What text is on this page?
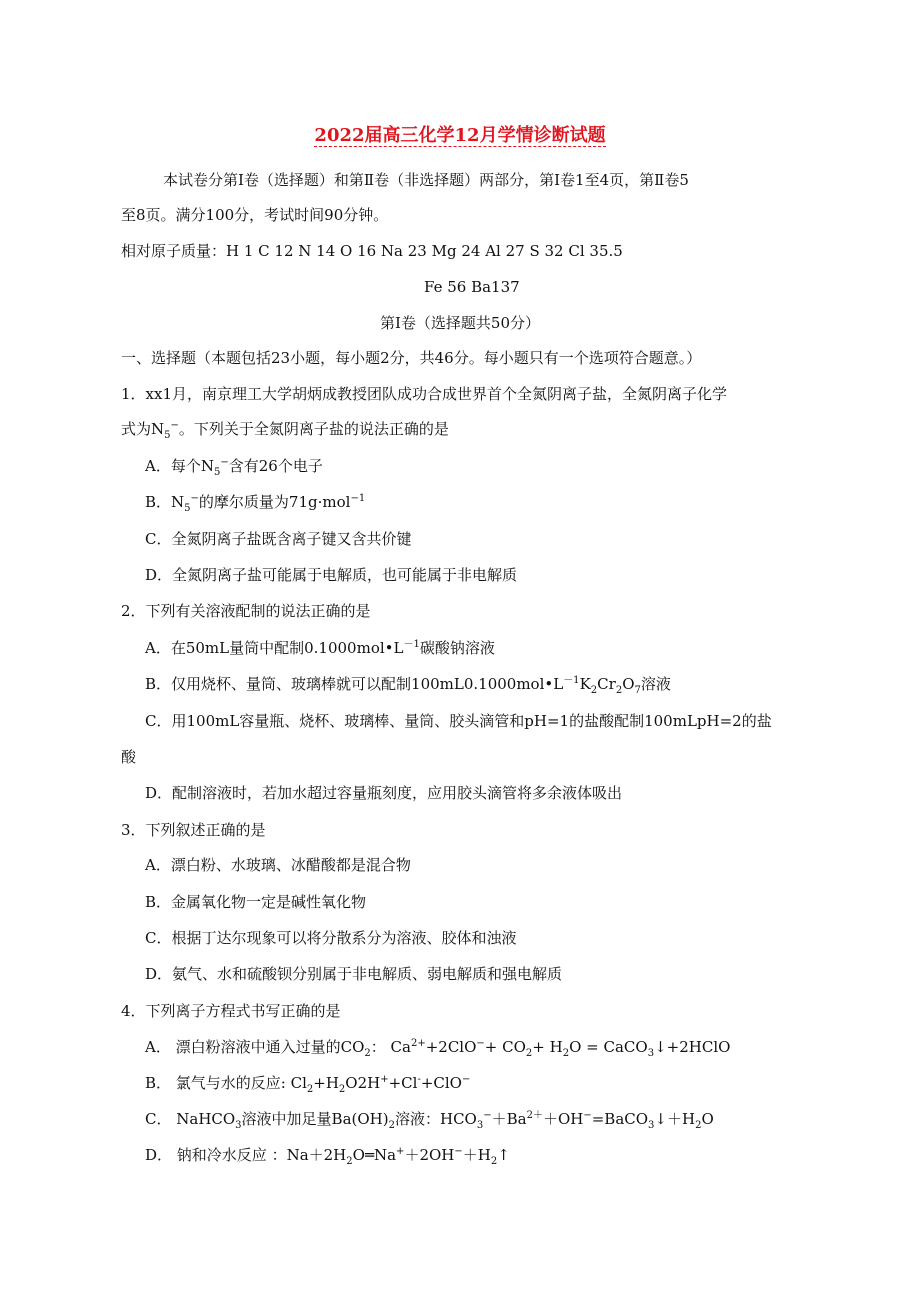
2022届高三化学12月学情诊断试题
本试卷分第Ⅰ卷（选择题）和第Ⅱ卷（非选择题）两部分，第Ⅰ卷1至4页，第Ⅱ卷5
至8页。满分100分，考试时间90分钟。
相对原子质量：H 1 C 12 N 14 O 16 Na 23 Mg 24 Al 27 S 32 Cl 35.5
Fe 56 Ba137
第Ⅰ卷（选择题共50分）
一、选择题（本题包括23小题，每小题2分，共46分。每小题只有一个选项符合题意。）
1．xx1月，南京理工大学胡炳成教授团队成功合成世界首个全氮阴离子盐，全氮阴离子化学
式为$N_5^-$。下列关于全氮阴离子盐的说法正确的是
A．每个$N_5^-$含有26个电子
B．$N_5^-$的摩尔质量为71g·mol$^{-1}$
C．全氮阴离子盐既含离子键又含共价键
D．全氮阴离子盐可能属于电解质，也可能属于非电解质
2．下列有关溶液配制的说法正确的是
A．在50mL量筒中配制$0.1000mol•L^{-1}$碳酸钠溶液
B．仅用烧杯、量筒、玻璃棒就可以配制$100mL0.1000mol•L^{-1}K_2Cr_2O_7$溶液
C．用100mL容量瓶、烧杯、玻璃棒、量筒、胶头滴管和pH=1的盐酸配制100mLpH=2的盐
酸
D．配制溶液时，若加水超过容量瓶刻度，应用胶头滴管将多余液体吸出
3．下列叙述正确的是
A．漂白粉、水玻璃、冰醋酸都是混合物
B．金属氧化物一定是碱性氧化物
C．根据丁达尔现象可以将分散系分为溶液、胶体和浊液
D．氨气、水和硫酸钡分别属于非电解质、弱电解质和强电解质
4．下列离子方程式书写正确的是
A． 漂白粉溶液中通入过量的$CO_2$： $Ca^{2+}+2ClO^-+ CO_2+ H_2O$ = CaCO$_3$↓+2HClO
B． 氯气与水的反应: $Cl_2+H_2O2H^++Cl^-+ClO^-$
C． NaHCO$_3$溶液中加足量$Ba(OH)_2$溶液：$HCO_3^-+Ba^{2+}+OH^-=BaCO_3↓+H_2O$
D． 钠和冷水反应 ：$Na+2H_2O═Na^++2OH^-+H_2↑$
